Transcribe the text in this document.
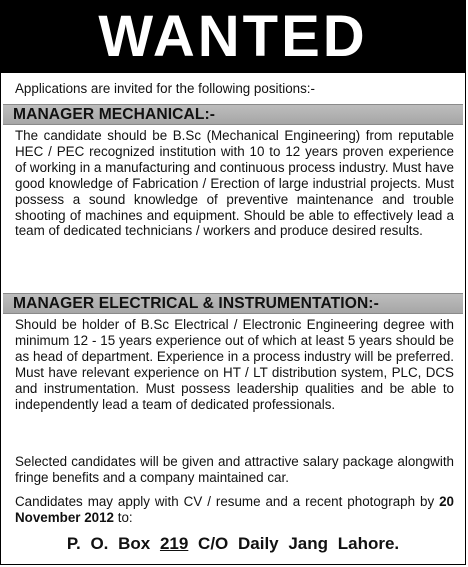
WANTED
Applications are invited for the following positions:-
MANAGER MECHANICAL:-

The candidate should be B.Sc (Mechanical Engineering) from reputable HEC / PEC recognized institution with 10 to 12 years proven experience of working in a manufacturing and continuous process industry. Must have good knowledge of Fabrication / Erection of large industrial projects. Must possess a sound knowledge of preventive maintenance and trouble shooting of machines and equipment. Should be able to effectively lead a team of dedicated technicians / workers and produce desired results.

MANAGER ELECTRICAL & INSTRUMENTATION:-

Should be holder of B.Sc Electrical / Electronic Engineering degree with minimum 12 - 15 years experience out of which at least 5 years should be as head of department. Experience in a process industry will be preferred. Must have relevant experience on HT / LT distribution system, PLC, DCS and instrumentation. Must possess leadership qualities and be able to independently lead a team of dedicated professionals.

Selected candidates will be given and attractive salary package alongwith fringe benefits and a company maintained car.

Candidates may apply with CV / resume and a recent photograph by 20 November 2012 to:

P. O. Box 219 C/O Daily Jang Lahore.
